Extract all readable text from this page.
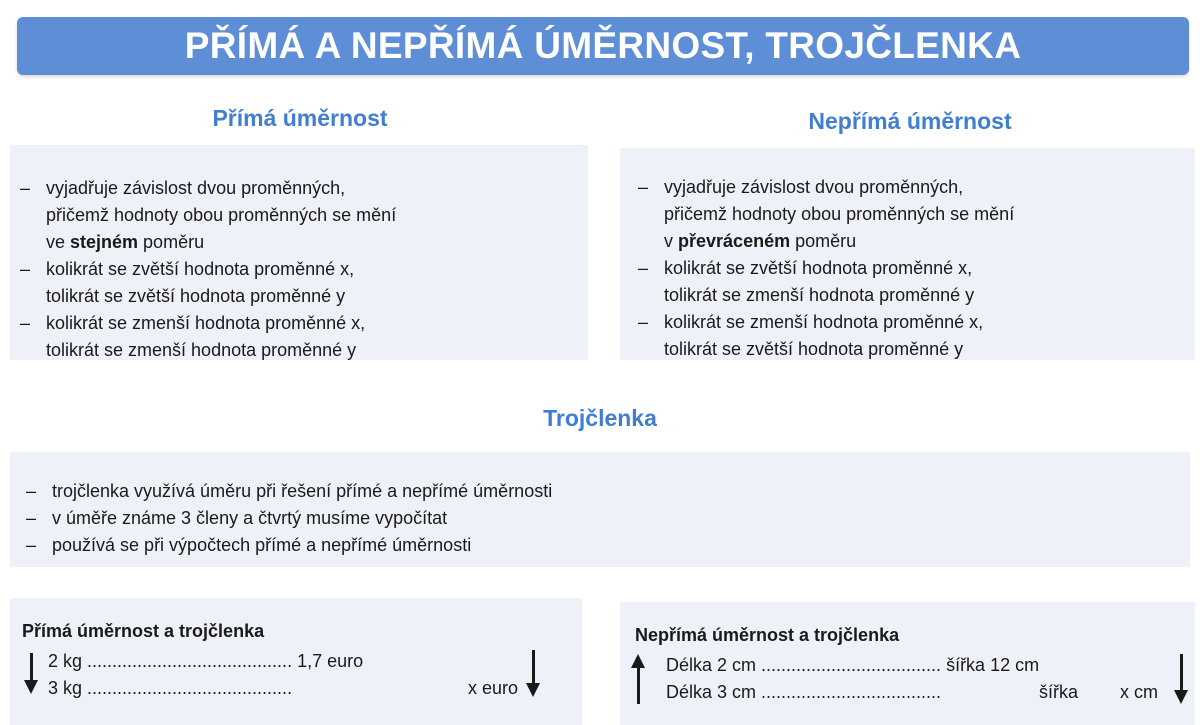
PŘÍMÁ A NEPŘÍMÁ ÚMĚRNOST, TROJČLENKA
Přímá úměrnost	Nepřímá úměrnost
– vyjadřuje závislost dvou proměnných,
přičemž hodnoty obou proměnných se mění
ve stejném poměru
– kolikrát se zvětší hodnota proměnné x,
tolikrát se zvětší hodnota proměnné y
– kolikrát se zmenší hodnota proměnné x,
tolikrát se zmenší hodnota proměnné y
– vyjadřuje závislost dvou proměnných,
přičemž hodnoty obou proměnných se mění
v převráceném poměru
– kolikrát se zvětší hodnota proměnné x,
tolikrát se zmenší hodnota proměnné y
– kolikrát se zmenší hodnota proměnné x,
tolikrát se zvětší hodnota proměnné y
Trojčlenka
– trojčlenka využívá úměru při řešení přímé a nepřímé úměrnosti
– v úměře známe 3 členy a čtvrtý musíme vypočítat
– používá se při výpočtech přímé a nepřímé úměrnosti
Přímá úměrnost a trojčlenka
2 kg ......................................... 1,7 euro
3 kg .........................................	x euro
Nepřímá úměrnost a trojčlenka
Délka 2 cm .................................... šířka 12 cm
Délka 3 cm ....................................	šířka x cm
